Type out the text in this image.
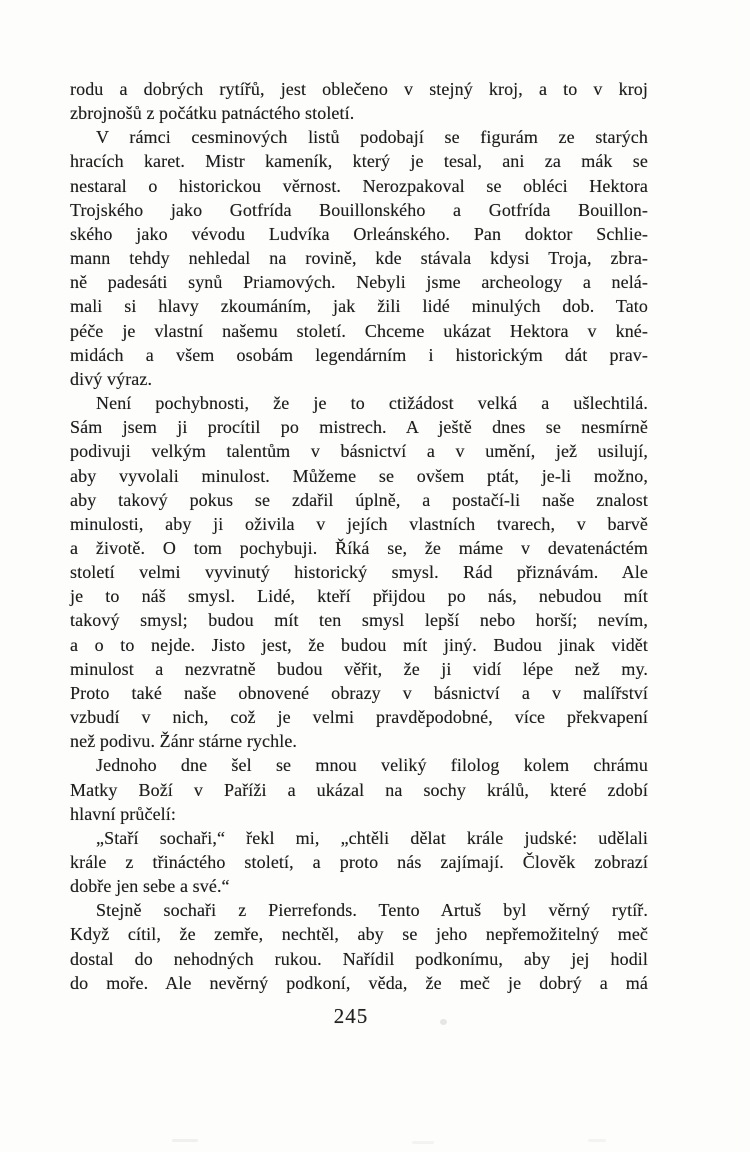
rodu a dobrých rytířů, jest oblečeno v stejný kroj, a to v kroj
zbrojnošů z počátku patnáctého století.
V rámci cesminových listů podobají se figurám ze starých
hracích karet. Mistr kameník, který je tesal, ani za mák se
nestaral o historickou věrnost. Nerozpakoval se obléci Hektora
Trojského jako Gotfrída Bouillonského a Gotfrída Bouillon-
ského jako vévodu Ludvíka Orleánského. Pan doktor Schlie-
mann tehdy nehledal na rovině, kde stávala kdysi Troja, zbra-
ně padesáti synů Priamových. Nebyli jsme archeology a nelá-
mali si hlavy zkoumáním, jak žili lidé minulých dob. Tato
péče je vlastní našemu století. Chceme ukázat Hektora v kné-
midách a všem osobám legendárním i historickým dát prav-
divý výraz.
Není pochybnosti, že je to ctižádost velká a ušlechtilá.
Sám jsem ji procítil po mistrech. A ještě dnes se nesmírně
podivuji velkým talentům v básnictví a v umění, jež usilují,
aby vyvolali minulost. Můžeme se ovšem ptát, je-li možno,
aby takový pokus se zdařil úplně, a postačí-li naše znalost
minulosti, aby ji oživila v jejích vlastních tvarech, v barvě
a životě. O tom pochybuji. Říká se, že máme v devatenáctém
století velmi vyvinutý historický smysl. Rád přiznávám. Ale
je to náš smysl. Lidé, kteří přijdou po nás, nebudou mít
takový smysl; budou mít ten smysl lepší nebo horší; nevím,
a o to nejde. Jisto jest, že budou mít jiný. Budou jinak vidět
minulost a nezvratně budou věřit, že ji vidí lépe než my.
Proto také naše obnovené obrazy v básnictví a v malířství
vzbudí v nich, což je velmi pravděpodobné, více překvapení
než podivu. Žánr stárne rychle.
Jednoho dne šel se mnou veliký filolog kolem chrámu
Matky Boží v Paříži a ukázal na sochy králů, které zdobí
hlavní průčelí:
„Staří sochaři,“ řekl mi, „chtěli dělat krále judské: udělali
krále z třináctého století, a proto nás zajímají. Člověk zobrazí
dobře jen sebe a své.“
Stejně sochaři z Pierrefonds. Tento Artuš byl věrný rytíř.
Když cítil, že zemře, nechtěl, aby se jeho nepřemožitelný meč
dostal do nehodných rukou. Nařídil podkonímu, aby jej hodil
do moře. Ale nevěrný podkoní, věda, že meč je dobrý a má
245
